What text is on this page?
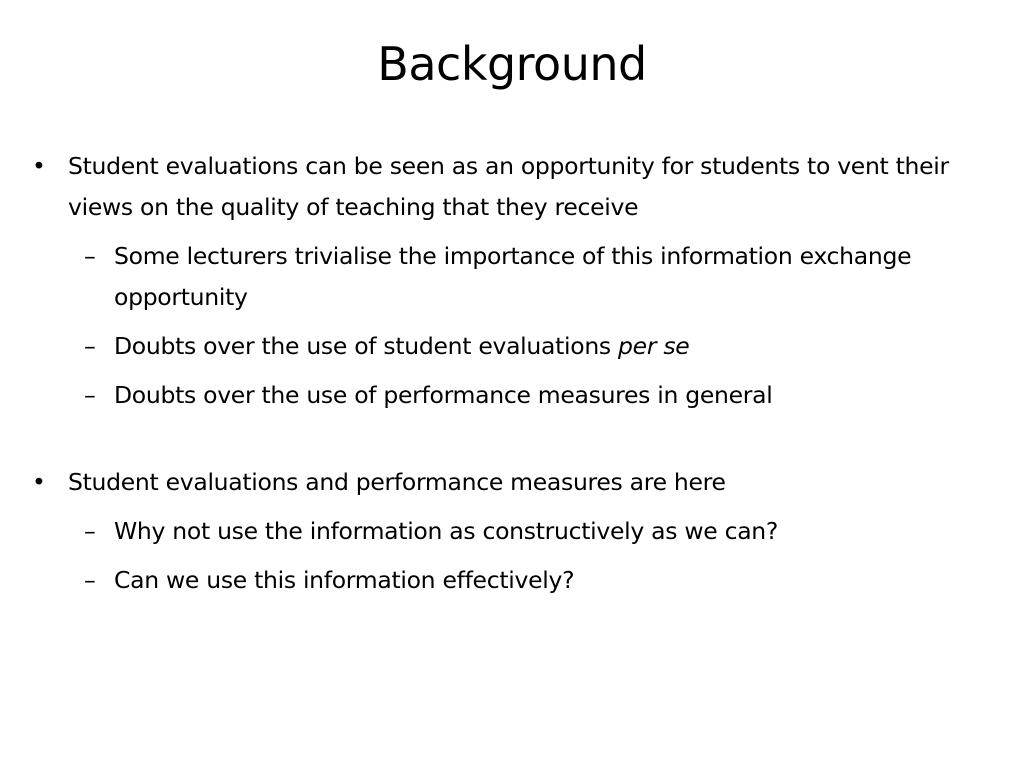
Background
• Student evaluations can be seen as an opportunity for students to vent their views on the quality of teaching that they receive
– Some lecturers trivialise the importance of this information exchange opportunity
– Doubts over the use of student evaluations per se
– Doubts over the use of performance measures in general
• Student evaluations and performance measures are here
– Why not use the information as constructively as we can?
– Can we use this information effectively?
